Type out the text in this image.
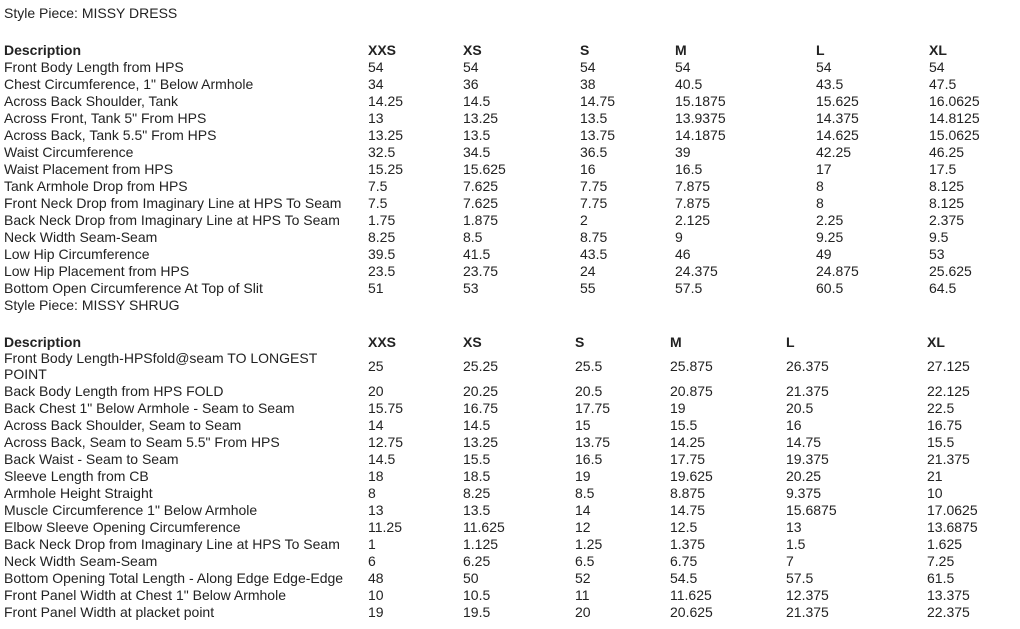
Style Piece: MISSY DRESS
Description	XXS	XS	S	M	L	XL
Front Body Length from HPS	54	54	54	54	54	54
Chest Circumference, 1" Below Armhole	34	36	38	40.5	43.5	47.5
Across Back Shoulder, Tank	14.25	14.5	14.75	15.1875	15.625	16.0625
Across Front, Tank 5" From HPS	13	13.25	13.5	13.9375	14.375	14.8125
Across Back, Tank 5.5" From HPS	13.25	13.5	13.75	14.1875	14.625	15.0625
Waist Circumference	32.5	34.5	36.5	39	42.25	46.25
Waist Placement from HPS	15.25	15.625	16	16.5	17	17.5
Tank Armhole Drop from HPS	7.5	7.625	7.75	7.875	8	8.125
Front Neck Drop from Imaginary Line at HPS To Seam	7.5	7.625	7.75	7.875	8	8.125
Back Neck Drop from Imaginary Line at HPS To Seam	1.75	1.875	2	2.125	2.25	2.375
Neck Width Seam-Seam	8.25	8.5	8.75	9	9.25	9.5
Low Hip Circumference	39.5	41.5	43.5	46	49	53
Low Hip Placement from HPS	23.5	23.75	24	24.375	24.875	25.625
Bottom Open Circumference At Top of Slit	51	53	55	57.5	60.5	64.5
Style Piece: MISSY SHRUG
Description	XXS	XS	S	M	L	XL
Front Body Length-HPSfold@seam TO LONGEST POINT	25	25.25	25.5	25.875	26.375	27.125
Back Body Length from HPS FOLD	20	20.25	20.5	20.875	21.375	22.125
Back Chest 1" Below Armhole - Seam to Seam	15.75	16.75	17.75	19	20.5	22.5
Across Back Shoulder, Seam to Seam	14	14.5	15	15.5	16	16.75
Across Back, Seam to Seam 5.5" From HPS	12.75	13.25	13.75	14.25	14.75	15.5
Back Waist - Seam to Seam	14.5	15.5	16.5	17.75	19.375	21.375
Sleeve Length from CB	18	18.5	19	19.625	20.25	21
Armhole Height Straight	8	8.25	8.5	8.875	9.375	10
Muscle Circumference 1" Below Armhole	13	13.5	14	14.75	15.6875	17.0625
Elbow Sleeve Opening Circumference	11.25	11.625	12	12.5	13	13.6875
Back Neck Drop from Imaginary Line at HPS To Seam	1	1.125	1.25	1.375	1.5	1.625
Neck Width Seam-Seam	6	6.25	6.5	6.75	7	7.25
Bottom Opening Total Length - Along Edge Edge-Edge	48	50	52	54.5	57.5	61.5
Front Panel Width at Chest 1" Below Armhole	10	10.5	11	11.625	12.375	13.375
Front Panel Width at placket point	19	19.5	20	20.625	21.375	22.375
